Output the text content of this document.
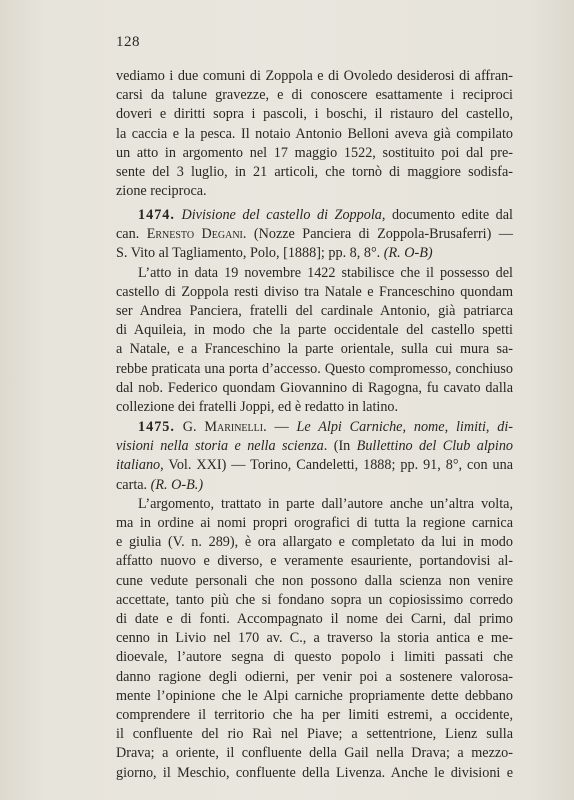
128
vediamo i due comuni di Zoppola e di Ovoledo desiderosi di affran-
carsi da talune gravezze, e di conoscere esattamente i reciproci
doveri e diritti sopra i pascoli, i boschi, il ristauro del castello,
la caccia e la pesca. Il notaio Antonio Belloni aveva già compilato
un atto in argomento nel 17 maggio 1522, sostituito poi dal pre-
sente del 3 luglio, in 21 articoli, che tornò di maggiore sodisfa-
zione reciproca.
1474. Divisione del castello di Zoppola, documento edite dal
can. Ernesto Degani. (Nozze Panciera di Zoppola-Brusaferri) —
S. Vito al Tagliamento, Polo, [1888]; pp. 8, 8°. (R. O-B)
L’atto in data 19 novembre 1422 stabilisce che il possesso del
castello di Zoppola resti diviso tra Natale e Franceschino quondam
ser Andrea Panciera, fratelli del cardinale Antonio, già patriarca
di Aquileia, in modo che la parte occidentale del castello spetti
a Natale, e a Franceschino la parte orientale, sulla cui mura sa-
rebbe praticata una porta d’accesso. Questo compromesso, conchiuso
dal nob. Federico quondam Giovannino di Ragogna, fu cavato dalla
collezione dei fratelli Joppi, ed è redatto in latino.
1475. G. Marinelli. — Le Alpi Carniche, nome, limiti, di-
visioni nella storia e nella scienza. (In Bullettino del Club alpino
italiano, Vol. XXI) — Torino, Candeletti, 1888; pp. 91, 8°, con una
carta. (R. O-B.)
L’argomento, trattato in parte dall’autore anche un’altra volta,
ma in ordine ai nomi propri orografici di tutta la regione carnica
e giulia (V. n. 289), è ora allargato e completato da lui in modo
affatto nuovo e diverso, e veramente esauriente, portandovisi al-
cune vedute personali che non possono dalla scienza non venire
accettate, tanto più che si fondano sopra un copiosissimo corredo
di date e di fonti. Accompagnato il nome dei Carni, dal primo
cenno in Livio nel 170 av. C., a traverso la storia antica e me-
dioevale, l’autore segna di questo popolo i limiti passati che
danno ragione degli odierni, per venir poi a sostenere valorosa-
mente l’opinione che le Alpi carniche propriamente dette debbano
comprendere il territorio che ha per limiti estremi, a occidente,
il confluente del rio Raì nel Piave; a settentrione, Lienz sulla
Drava; a oriente, il confluente della Gail nella Drava; a mezzo-
giorno, il Meschio, confluente della Livenza. Anche le divisioni e
